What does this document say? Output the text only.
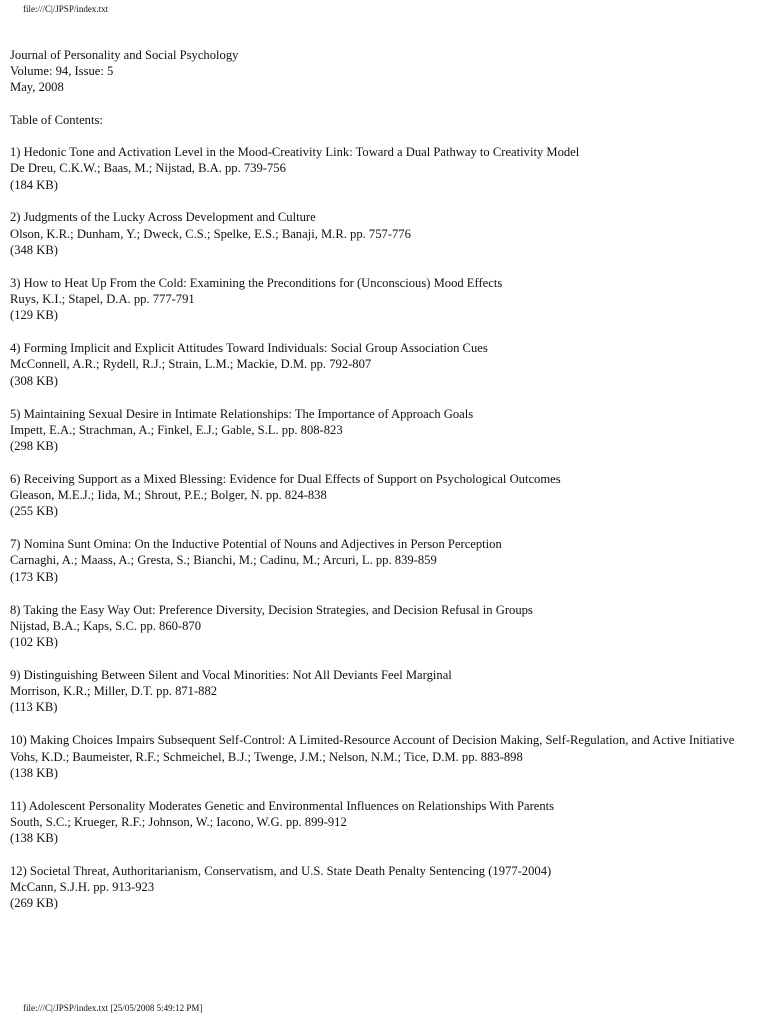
file:///C|/JPSP/index.txt
Journal of Personality and Social Psychology
Volume: 94, Issue: 5
May, 2008
Table of Contents:
1) Hedonic Tone and Activation Level in the Mood-Creativity Link: Toward a Dual Pathway to Creativity Model
De Dreu, C.K.W.; Baas, M.; Nijstad, B.A. pp. 739-756
(184 KB)
2) Judgments of the Lucky Across Development and Culture
Olson, K.R.; Dunham, Y.; Dweck, C.S.; Spelke, E.S.; Banaji, M.R. pp. 757-776
(348 KB)
3) How to Heat Up From the Cold: Examining the Preconditions for (Unconscious) Mood Effects
Ruys, K.I.; Stapel, D.A. pp. 777-791
(129 KB)
4) Forming Implicit and Explicit Attitudes Toward Individuals: Social Group Association Cues
McConnell, A.R.; Rydell, R.J.; Strain, L.M.; Mackie, D.M. pp. 792-807
(308 KB)
5) Maintaining Sexual Desire in Intimate Relationships: The Importance of Approach Goals
Impett, E.A.; Strachman, A.; Finkel, E.J.; Gable, S.L. pp. 808-823
(298 KB)
6) Receiving Support as a Mixed Blessing: Evidence for Dual Effects of Support on Psychological Outcomes
Gleason, M.E.J.; Iida, M.; Shrout, P.E.; Bolger, N. pp. 824-838
(255 KB)
7) Nomina Sunt Omina: On the Inductive Potential of Nouns and Adjectives in Person Perception
Carnaghi, A.; Maass, A.; Gresta, S.; Bianchi, M.; Cadinu, M.; Arcuri, L. pp. 839-859
(173 KB)
8) Taking the Easy Way Out: Preference Diversity, Decision Strategies, and Decision Refusal in Groups
Nijstad, B.A.; Kaps, S.C. pp. 860-870
(102 KB)
9) Distinguishing Between Silent and Vocal Minorities: Not All Deviants Feel Marginal
Morrison, K.R.; Miller, D.T. pp. 871-882
(113 KB)
10) Making Choices Impairs Subsequent Self-Control: A Limited-Resource Account of Decision Making, Self-Regulation, and Active Initiative
Vohs, K.D.; Baumeister, R.F.; Schmeichel, B.J.; Twenge, J.M.; Nelson, N.M.; Tice, D.M. pp. 883-898
(138 KB)
11) Adolescent Personality Moderates Genetic and Environmental Influences on Relationships With Parents
South, S.C.; Krueger, R.F.; Johnson, W.; Iacono, W.G. pp. 899-912
(138 KB)
12) Societal Threat, Authoritarianism, Conservatism, and U.S. State Death Penalty Sentencing (1977-2004)
McCann, S.J.H. pp. 913-923
(269 KB)
file:///C|/JPSP/index.txt [25/05/2008 5:49:12 PM]
